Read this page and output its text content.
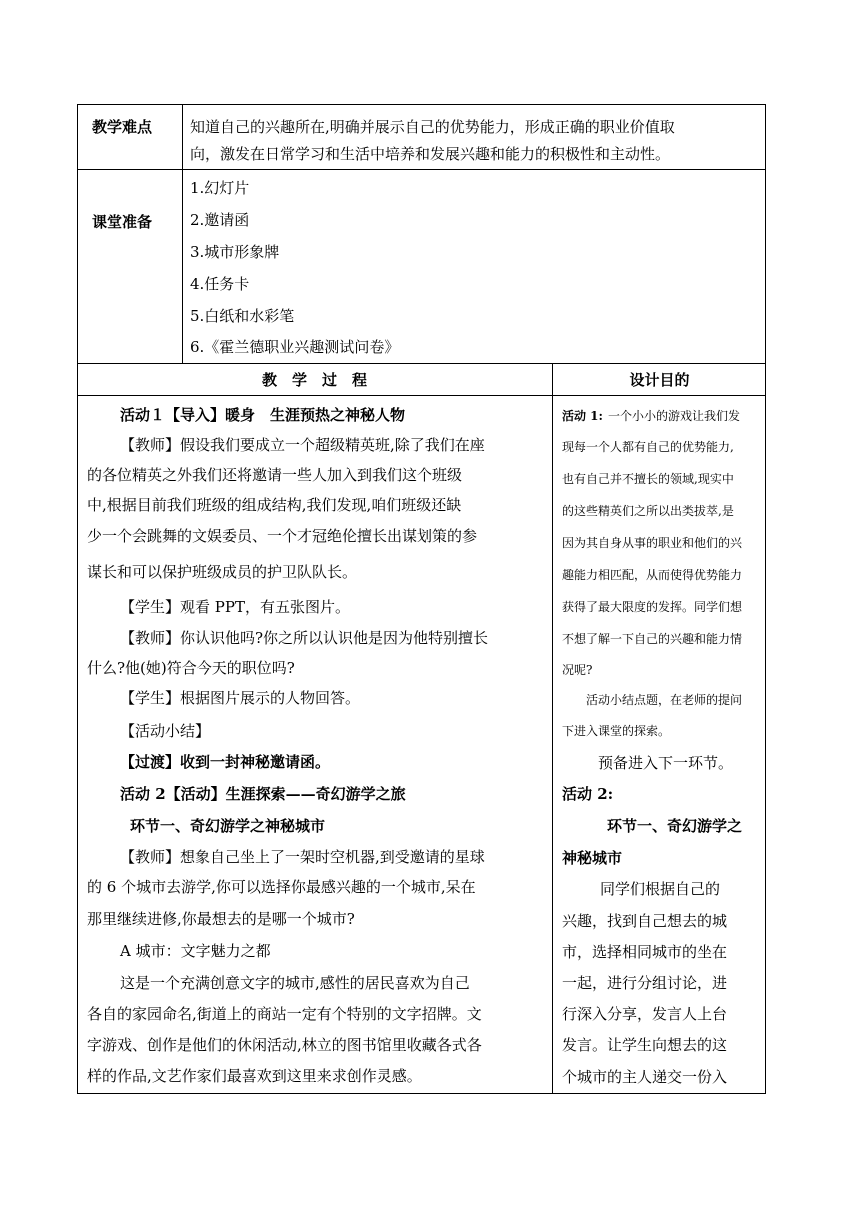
教学难点	知道自己的兴趣所在,明确并展示自己的优势能力，形成正确的职业价值取
向，激发在日常学习和生活中培养和发展兴趣和能力的积极性和主动性。
课堂准备
1.幻灯片
2.邀请函
3.城市形象牌
4.任务卡
5.白纸和水彩笔
6.《霍兰德职业兴趣测试问卷》
教　学　过　程	设计目的
活动１【导入】暖身　生涯预热之神秘人物
【教师】假设我们要成立一个超级精英班,除了我们在座
的各位精英之外我们还将邀请一些人加入到我们这个班级
中,根据目前我们班级的组成结构,我们发现,咱们班级还缺
少一个会跳舞的文娱委员、一个才冠绝伦擅长出谋划策的参
谋长和可以保护班级成员的护卫队队长。
【学生】观看 PPT，有五张图片。
【教师】你认识他吗?你之所以认识他是因为他特别擅长
什么?他(她)符合今天的职位吗?
【学生】根据图片展示的人物回答。
【活动小结】
【过渡】收到一封神秘邀请函。
活动 2【活动】生涯探索——奇幻游学之旅
环节一、奇幻游学之神秘城市
【教师】想象自己坐上了一架时空机器,到受邀请的星球
的 6 个城市去游学,你可以选择你最感兴趣的一个城市,呆在
那里继续进修,你最想去的是哪一个城市?
A 城市：文字魅力之都
这是一个充满创意文字的城市,感性的居民喜欢为自己
各自的家园命名,街道上的商站一定有个特别的文字招牌。文
字游戏、创作是他们的休闲活动,林立的图书馆里收藏各式各
样的作品,文艺作家们最喜欢到这里来求创作灵感。
活动 1: 一个小小的游戏让我们发
现每一个人都有自己的优势能力,
也有自己并不擅长的领域,现实中
的这些精英们之所以出类拔萃,是
因为其自身从事的职业和他们的兴
趣能力相匹配，从而使得优势能力
获得了最大限度的发挥。同学们想
不想了解一下自己的兴趣和能力情
况呢?
活动小结点题，在老师的提问
下进入课堂的探索。
预备进入下一环节。
活动 2:
环节一、奇幻游学之
神秘城市
同学们根据自己的
兴趣，找到自己想去的城
市，选择相同城市的坐在
一起，进行分组讨论，进
行深入分享，发言人上台
发言。让学生向想去的这
个城市的主人递交一份入
